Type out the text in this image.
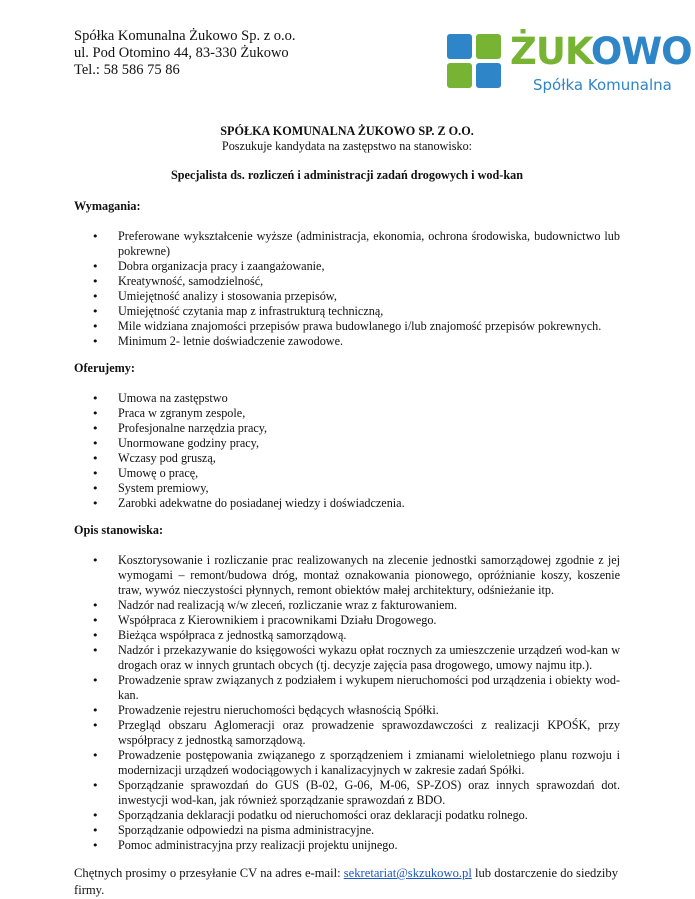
Spółka Komunalna Żukowo Sp. z o.o.
ul. Pod Otomino 44, 83-330 Żukowo
Tel.: 58 586 75 86	ŻUKOWO
Spółka Komunalna
SPÓŁKA KOMUNALNA ŻUKOWO SP. Z O.O.
Poszukuje kandydata na zastępstwo na stanowisko:
Specjalista ds. rozliczeń i administracji zadań drogowych i wod-kan
Wymagania:
• Preferowane wykształcenie wyższe (administracja, ekonomia, ochrona środowiska, budownictwo lub pokrewne)
• Dobra organizacja pracy i zaangażowanie,
• Kreatywność, samodzielność,
• Umiejętność analizy i stosowania przepisów,
• Umiejętność czytania map z infrastrukturą techniczną,
• Mile widziana znajomości przepisów prawa budowlanego i/lub znajomość przepisów pokrewnych.
• Minimum 2- letnie doświadczenie zawodowe.
Oferujemy:
• Umowa na zastępstwo
• Praca w zgranym zespole,
• Profesjonalne narzędzia pracy,
• Unormowane godziny pracy,
• Wczasy pod gruszą,
• Umowę o pracę,
• System premiowy,
• Zarobki adekwatne do posiadanej wiedzy i doświadczenia.
Opis stanowiska:
• Kosztorysowanie i rozliczanie prac realizowanych na zlecenie jednostki samorządowej zgodnie z jej wymogami – remont/budowa dróg, montaż oznakowania pionowego, opróżnianie koszy, koszenie traw, wywóz nieczystości płynnych, remont obiektów małej architektury, odśnieżanie itp.
• Nadzór nad realizacją w/w zleceń, rozliczanie wraz z fakturowaniem.
• Współpraca z Kierownikiem i pracownikami Działu Drogowego.
• Bieżąca współpraca z jednostką samorządową.
• Nadzór i przekazywanie do księgowości wykazu opłat rocznych za umieszczenie urządzeń wod-kan w drogach oraz w innych gruntach obcych (tj. decyzje zajęcia pasa drogowego, umowy najmu itp.).
• Prowadzenie spraw związanych z podziałem i wykupem nieruchomości pod urządzenia i obiekty wod-kan.
• Prowadzenie rejestru nieruchomości będących własnością Spółki.
• Przegląd obszaru Aglomeracji oraz prowadzenie sprawozdawczości z realizacji KPOŚK, przy współpracy z jednostką samorządową.
• Prowadzenie postępowania związanego z sporządzeniem i zmianami wieloletniego planu rozwoju i modernizacji urządzeń wodociągowych i kanalizacyjnych w zakresie zadań Spółki.
• Sporządzanie sprawozdań do GUS (B-02, G-06, M-06, SP-ZOS) oraz innych sprawozdań dot. inwestycji wod-kan, jak również sporządzanie sprawozdań z BDO.
• Sporządzania deklaracji podatku od nieruchomości oraz deklaracji podatku rolnego.
• Sporządzanie odpowiedzi na pisma administracyjne.
• Pomoc administracyjna przy realizacji projektu unijnego.
Chętnych prosimy o przesyłanie CV na adres e-mail: sekretariat@skzukowo.pl lub dostarczenie do siedziby firmy.
